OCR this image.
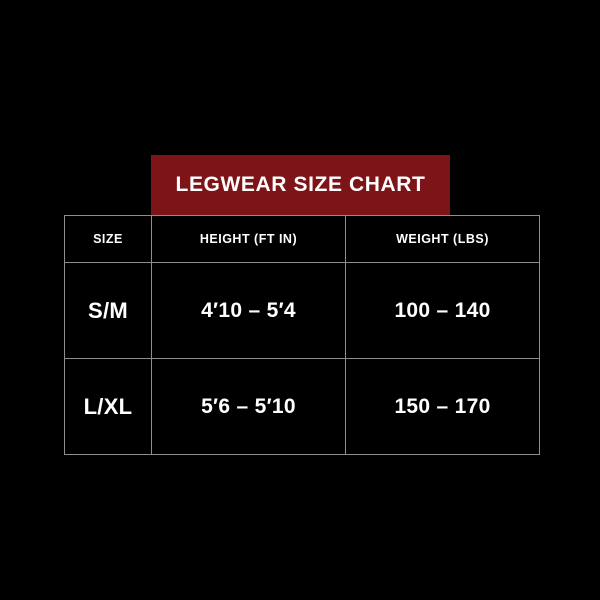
LEGWEAR SIZE CHART
SIZE	HEIGHT (FT IN)	WEIGHT (LBS)
S/M	4′10 – 5′4	100 – 140
L/XL	5′6 – 5′10	150 – 170
